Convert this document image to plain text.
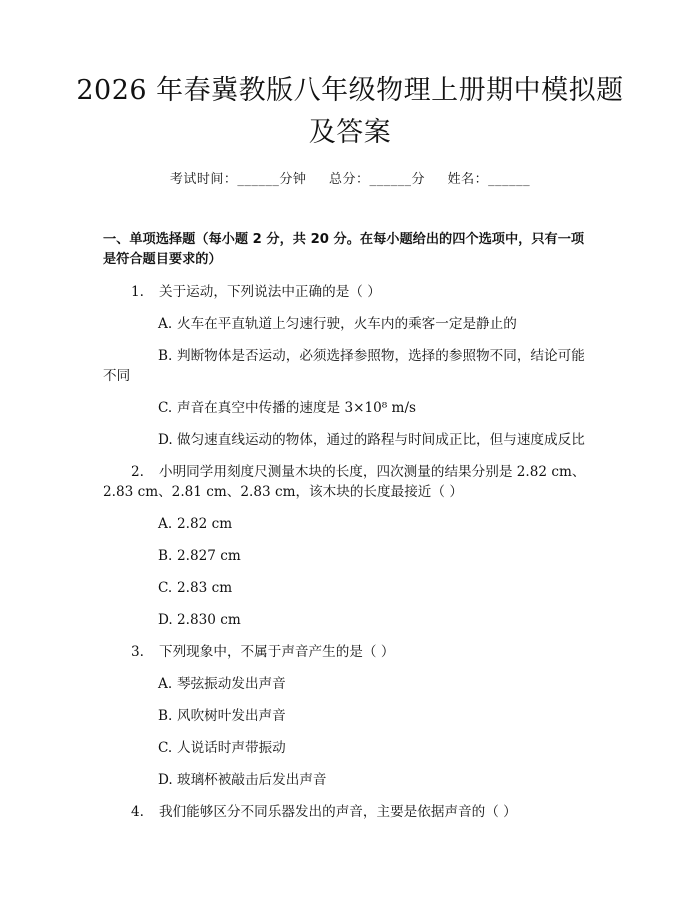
2026 年春冀教版八年级物理上册期中模拟题
及答案
考试时间：______分钟 总分：______分 姓名：______
一、单项选择题（每小题 2 分，共 20 分。在每小题给出的四个选项中，只有一项
是符合题目要求的）
1. 关于运动，下列说法中正确的是（ ）
A. 火车在平直轨道上匀速行驶，火车内的乘客一定是静止的
B. 判断物体是否运动，必须选择参照物，选择的参照物不同，结论可能
不同
C. 声音在真空中传播的速度是 3×10⁸ m/s
D. 做匀速直线运动的物体，通过的路程与时间成正比，但与速度成反比
2. 小明同学用刻度尺测量木块的长度，四次测量的结果分别是 2.82 cm、
2.83 cm、2.81 cm、2.83 cm，该木块的长度最接近（ ）
A. 2.82 cm
B. 2.827 cm
C. 2.83 cm
D. 2.830 cm
3. 下列现象中，不属于声音产生的是（ ）
A. 琴弦振动发出声音
B. 风吹树叶发出声音
C. 人说话时声带振动
D. 玻璃杯被敲击后发出声音
4. 我们能够区分不同乐器发出的声音，主要是依据声音的（ ）
